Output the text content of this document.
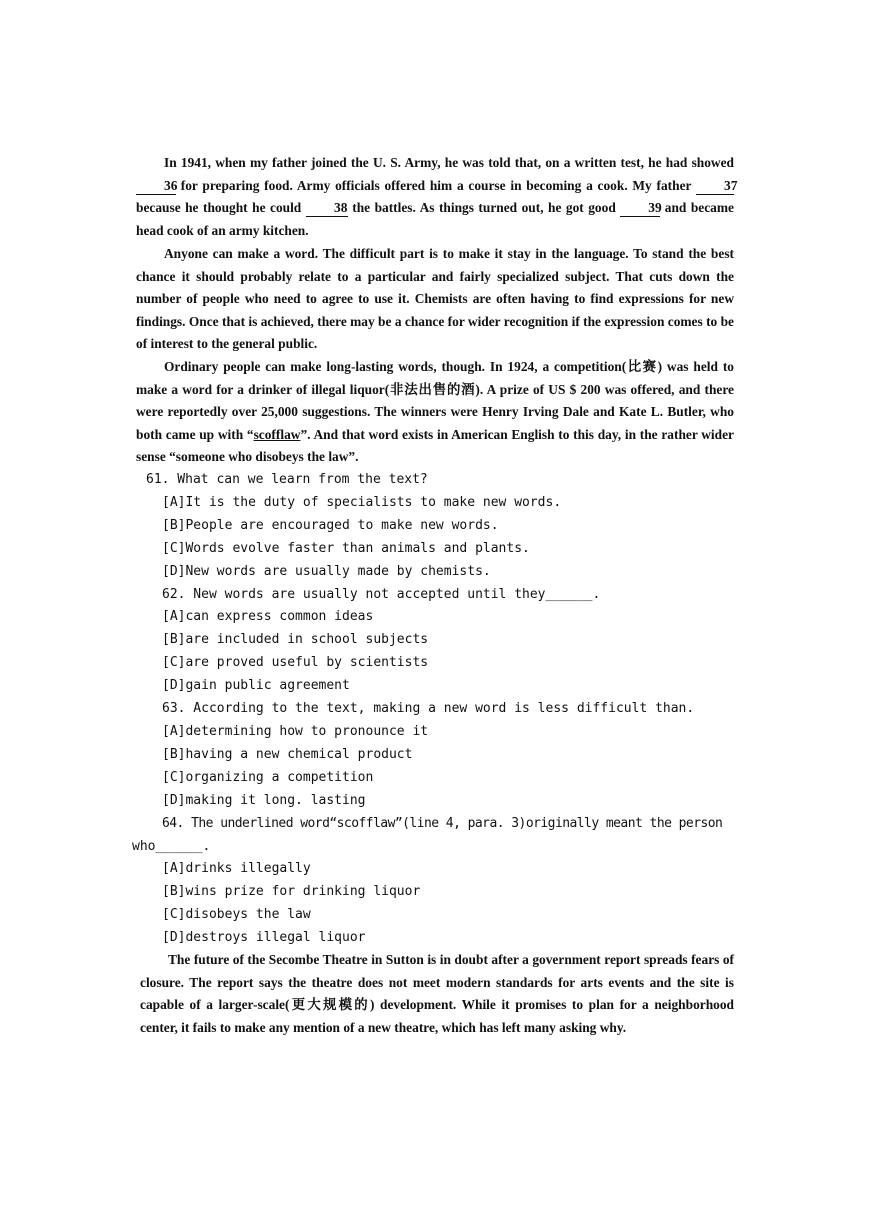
In 1941, when my father joined the U. S. Army, he was told that, on a written test, he had showed 36 for preparing food. Army officials offered him a course in becoming a cook. My father 37 because he thought he could 38 the battles. As things turned out, he got good 39 and became head cook of an army kitchen.

Anyone can make a word. The difficult part is to make it stay in the language. To stand the best chance it should probably relate to a particular and fairly specialized subject. That cuts down the number of people who need to agree to use it. Chemists are often having to find expressions for new findings. Once that is achieved, there may be a chance for wider recognition if the expression comes to be of interest to the general public.

Ordinary people can make long-lasting words, though. In 1924, a competition(比赛) was held to make a word for a drinker of illegal liquor(非法出售的酒). A prize of US $ 200 was offered, and there were reportedly over 25,000 suggestions. The winners were Henry Irving Dale and Kate L. Butler, who both came up with “scofflaw”. And that word exists in American English to this day, in the rather wider sense “someone who disobeys the law”.

61. What can we learn from the text?
[A]It is the duty of specialists to make new words.
[B]People are encouraged to make new words.
[C]Words evolve faster than animals and plants.
[D]New words are usually made by chemists.
62. New words are usually not accepted until they______.
[A]can express common ideas
[B]are included in school subjects
[C]are proved useful by scientists
[D]gain public agreement
63. According to the text, making a new word is less difficult than.
[A]determining how to pronounce it
[B]having a new chemical product
[C]organizing a competition
[D]making it long. lasting
64. The underlined word“scofflaw”(line 4, para. 3)originally meant the person
who______.
[A]drinks illegally
[B]wins prize for drinking liquor
[C]disobeys the law
[D]destroys illegal liquor

The future of the Secombe Theatre in Sutton is in doubt after a government report spreads fears of closure. The report says the theatre does not meet modern standards for arts events and the site is capable of a larger-scale(更大规模的) development. While it promises to plan for a neighborhood center, it fails to make any mention of a new theatre, which has left many asking why.
